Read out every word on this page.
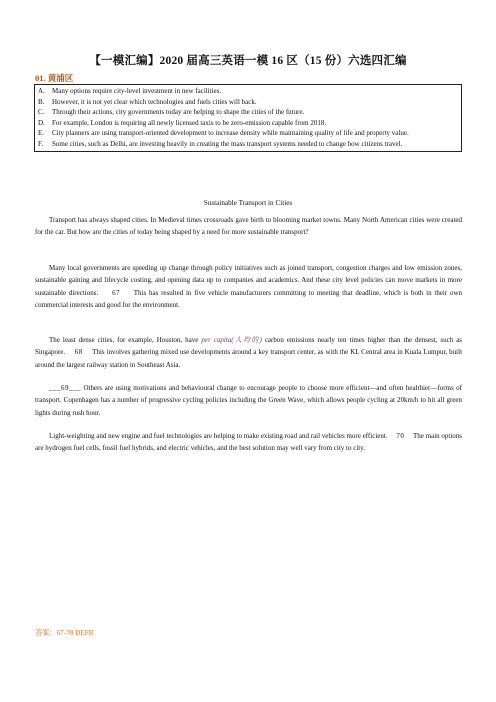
【一模汇编】2020 届高三英语一模 16 区（15 份）六选四汇编
01. 黄浦区
A.	Many options require city-level investment in new facilities.
B.	However, it is not yet clear which technologies and fuels cities will back.
C.	Through their actions, city governments today are helping to shape the cities of the future.
D.	For example, London is requiring all newly licensed taxis to be zero-emission capable from 2018.
E.	City planners are using transport-oriented development to increase density while maintaining quality of life and property value.
F.	Some cities, such as Delhi, are investing heavily in creating the mass transport systems needed to change how citizens travel.
Sustainable Transport in Cities

Transport has always shaped cities. In Medieval times crossroads gave birth to blooming market towns. Many North American cities were created for the car. But how are the cities of today being shaped by a need for more sustainable transport?

Many local governments are speeding up change through policy initiatives such as joined transport, congestion charges and low emission zones, sustainable gaining and lifecycle costing, and opening data up to companies and academics. And these city level policies can move markets in more sustainable directions. 67 This has resulted in five vehicle manufacturers committing to meeting that deadline, which is both in their own commercial interests and good for the environment.

The least dense cities, for example, Houston, have per capita(人均的) carbon emissions nearly ten times higher than the densest, such as Singapore. 68 This involves gathering mixed use developments around a key transport center, as with the KL Central area in Kuala Lumpur, built around the largest railway station in Southeast Asia.

___69___ Others are using motivations and behavioural change to encourage people to choose more efficient—and often healthier—forms of transport. Copenhagen has a number of progressive cycling policies including the Green Wave, which allows people cycling at 20km/h to hit all green lights during rush hour.

Light-weighting and new engine and fuel technologies are helping to make existing road and rail vehicles more efficient. 70 The main options are hydrogen fuel cells, fossil fuel hybrids, and electric vehicles, and the best solution may well vary from city to city.

答案：67-70 DEFB
